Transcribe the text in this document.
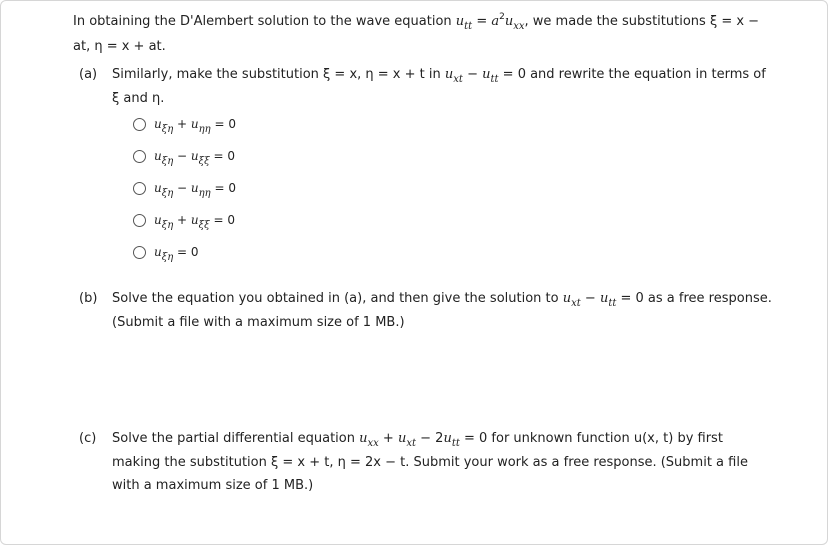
In obtaining the D'Alembert solution to the wave equation $u_{tt} = a^2u_{xx}$, we made the substitutions ξ = x −
at, η = x + at.
(a) Similarly, make the substitution ξ = x, η = x + t in $u_{xt} - u_{tt} = 0$ and rewrite the equation in terms of
ξ and η.
$u_{\xi\eta} + u_{\eta\eta} = 0$
$u_{\xi\eta} - u_{\xi\xi} = 0$
$u_{\xi\eta} - u_{\eta\eta} = 0$
$u_{\xi\eta} + u_{\xi\xi} = 0$
$u_{\xi\eta} = 0$
(b) Solve the equation you obtained in (a), and then give the solution to $u_{xt} - u_{tt} = 0$ as a free response.
(Submit a file with a maximum size of 1 MB.)
(c) Solve the partial differential equation $u_{xx} + u_{xt} - 2u_{tt} = 0$ for unknown function u(x, t) by first
making the substitution ξ = x + t, η = 2x − t. Submit your work as a free response. (Submit a file
with a maximum size of 1 MB.)
